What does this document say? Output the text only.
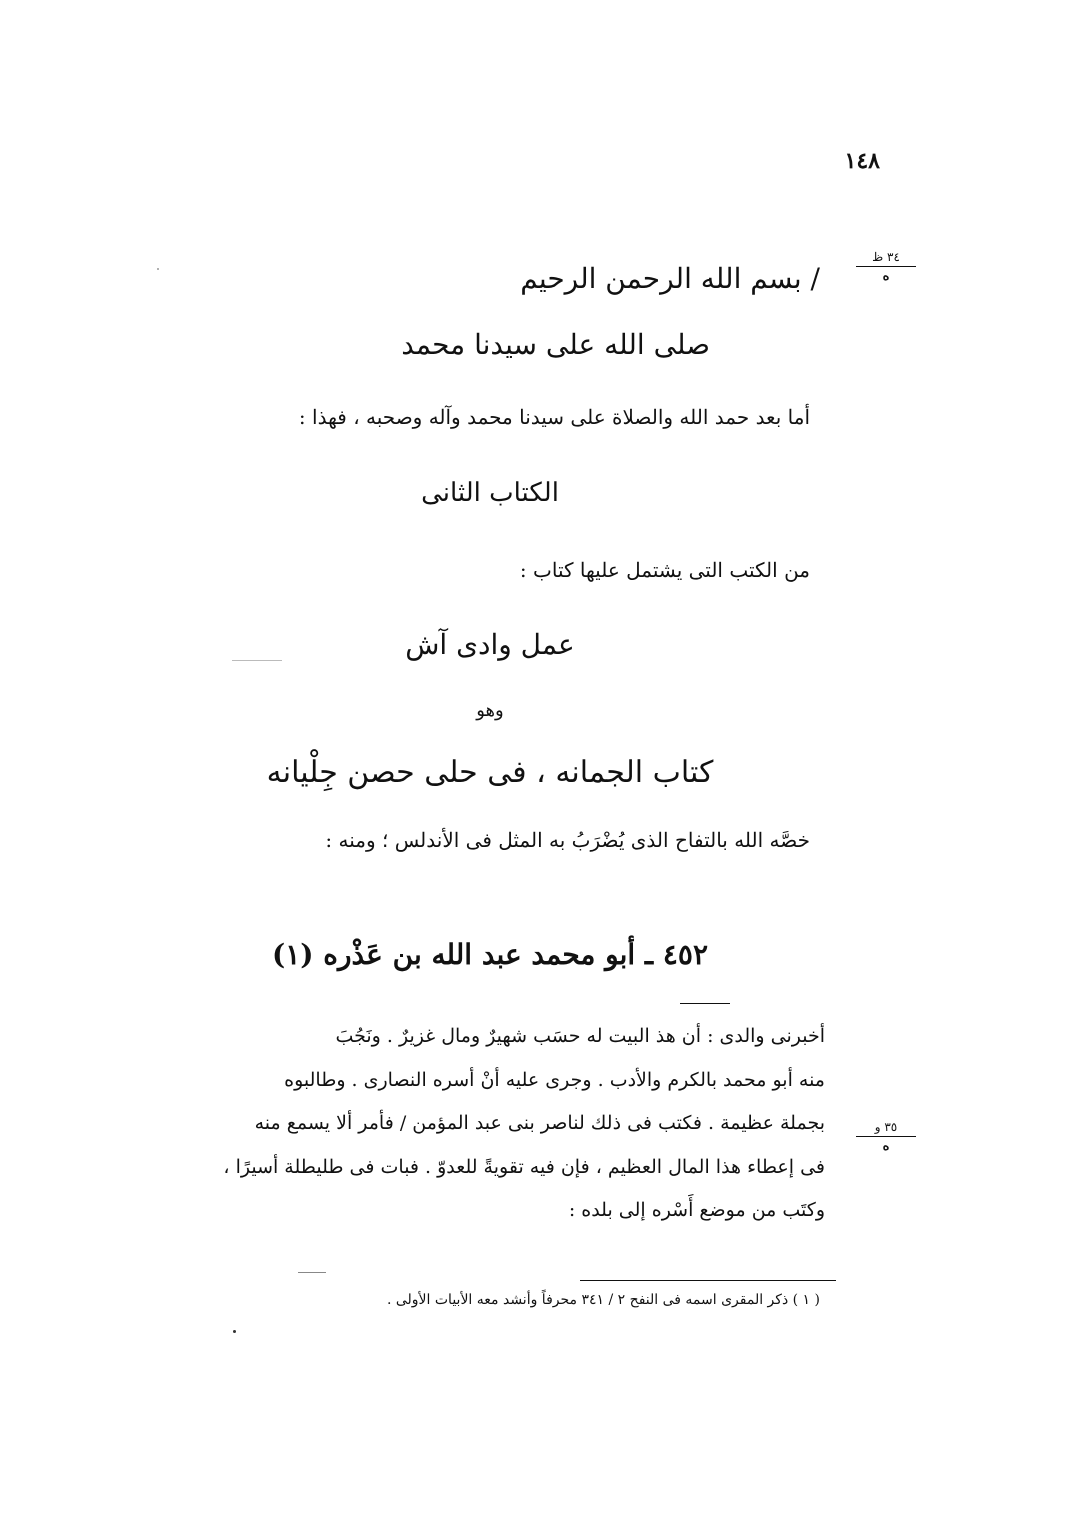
١٤٨
٣٤ ظ
ه
٣٥ و
ه
/ بسم الله الرحمن الرحيم
صلى الله على سيدنا محمد
أما بعد حمد الله والصلاة على سيدنا محمد وآله وصحبه ، فهذا :
الكتاب الثانى
من الكتب التى يشتمل عليها كتاب :
عمل وادى آش
وهو
كتاب الجمانه ، فى حلى حصن جِلْيانه
خصَّه الله بالتفاح الذى يُضْرَبُ به المثل فى الأندلس ؛ ومنه :
٤٥٢ ـ أبو محمد عبد الله بن عَذْره (١)

أخبرنى والدى : أن هذ البيت له حسَب شهيرٌ ومال غزيرٌ . ونَجُبَ

منه أبو محمد بالكرم والأدب . وجرى عليه أنْ أسره النصارى . وطالبوه

بجملة عظيمة . فكتب فى ذلك لناصر بنى عبد المؤمن / فأمر ألا يسمع منه

فى إعطاء هذا المال العظيم ، فإن فيه تقويةً للعدوّ . فبات فى طليطلة أسيرًا ،

وكتَب من موضع أَسْره إلى بلده :

( ١ ) ذكر المقرى اسمه فى النفح ٢ / ٣٤١ محرفاً وأنشد معه الأبيات الأولى .
